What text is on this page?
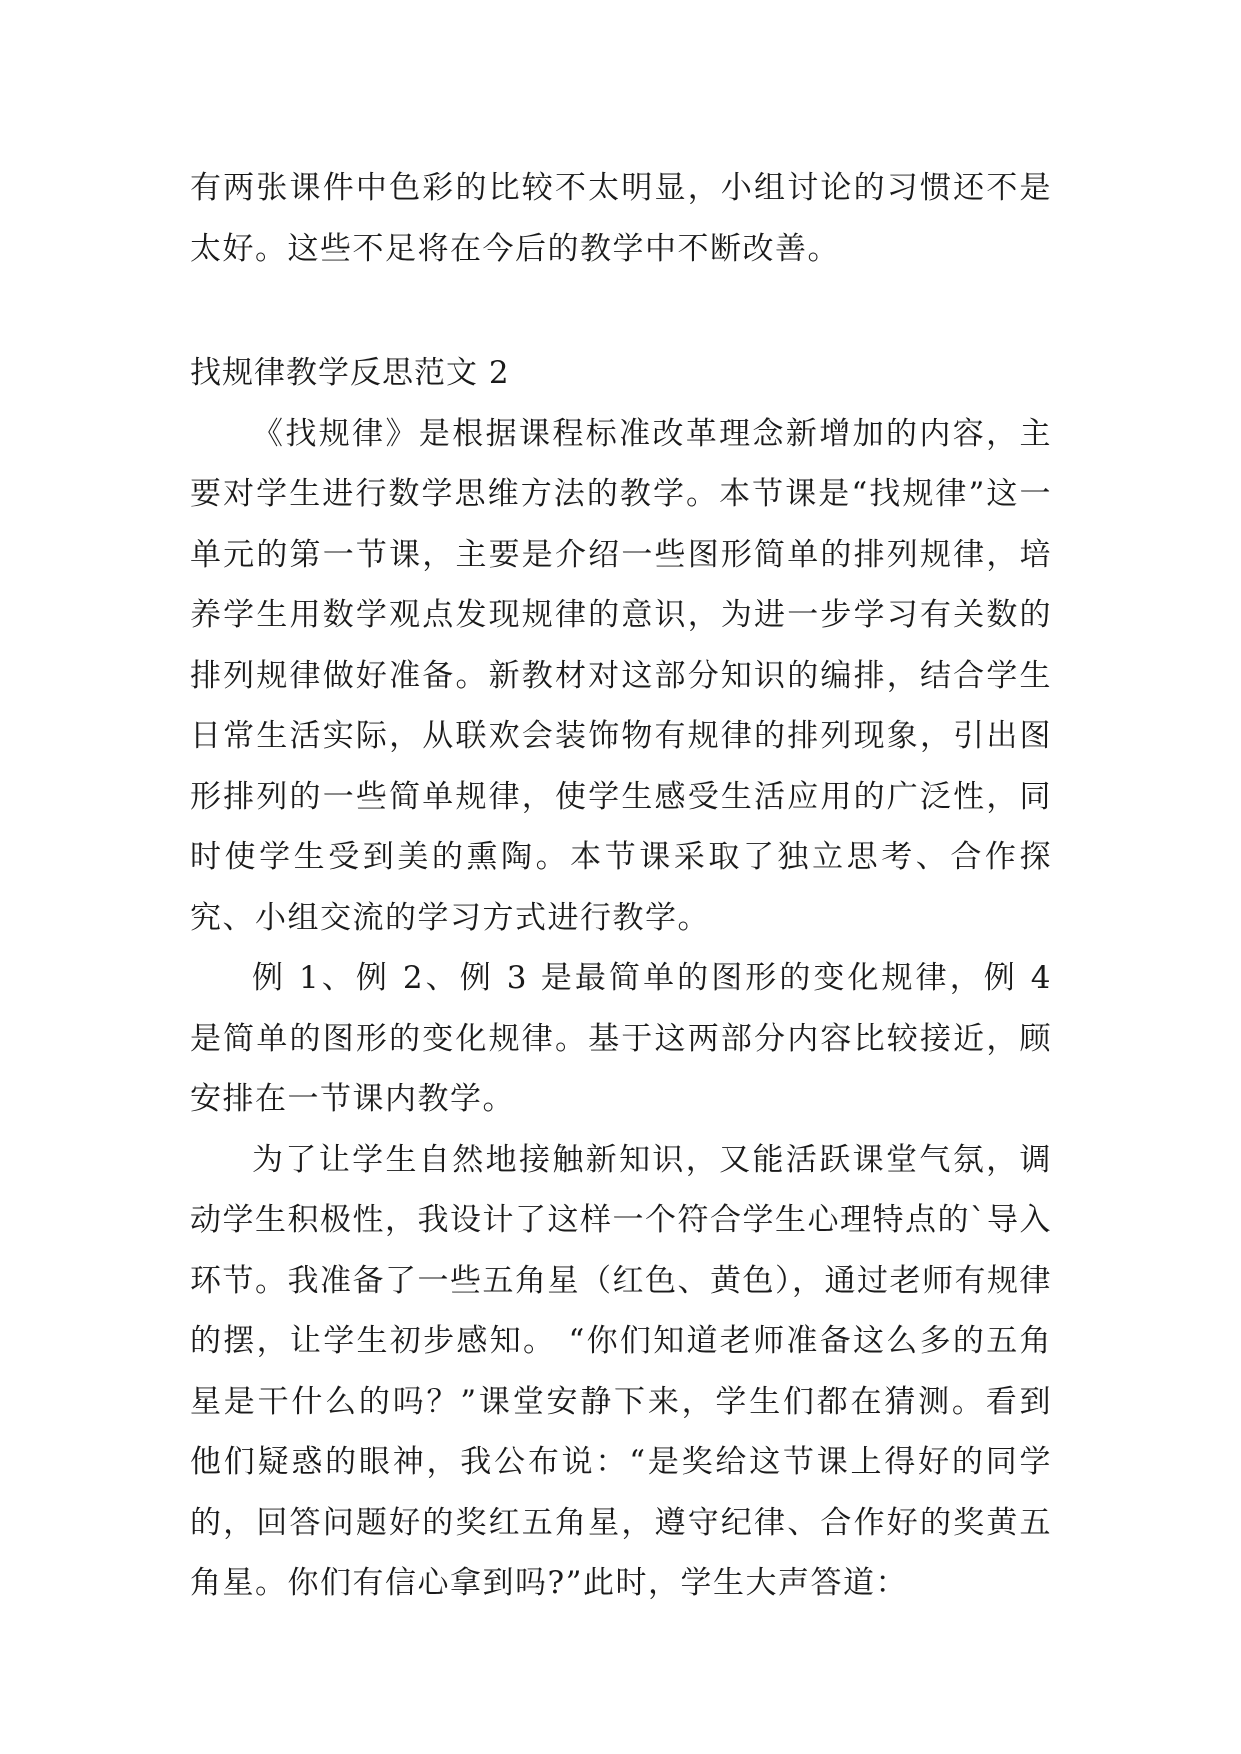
有两张课件中色彩的比较不太明显，小组讨论的习惯还不是太好。这些不足将在今后的教学中不断改善。

找规律教学反思范文 2

《找规律》是根据课程标准改革理念新增加的内容，主要对学生进行数学思维方法的教学。本节课是“找规律”这一单元的第一节课，主要是介绍一些图形简单的排列规律，培养学生用数学观点发现规律的意识，为进一步学习有关数的排列规律做好准备。新教材对这部分知识的编排，结合学生日常生活实际，从联欢会装饰物有规律的排列现象，引出图形排列的一些简单规律，使学生感受生活应用的广泛性，同时使学生受到美的熏陶。本节课采取了独立思考、合作探究、小组交流的学习方式进行教学。

例 1、例 2、例 3 是最简单的图形的变化规律，例 4 是简单的图形的变化规律。基于这两部分内容比较接近，顾安排在一节课内教学。

为了让学生自然地接触新知识，又能活跃课堂气氛，调动学生积极性，我设计了这样一个符合学生心理特点的`导入环节。我准备了一些五角星（红色、黄色），通过老师有规律的摆，让学生初步感知。 “你们知道老师准备这么多的五角星是干什么的吗？”课堂安静下来，学生们都在猜测。看到他们疑惑的眼神，我公布说：“是奖给这节课上得好的同学的，回答问题好的奖红五角星，遵守纪律、合作好的奖黄五角星。你们有信心拿到吗?”此时，学生大声答道：
